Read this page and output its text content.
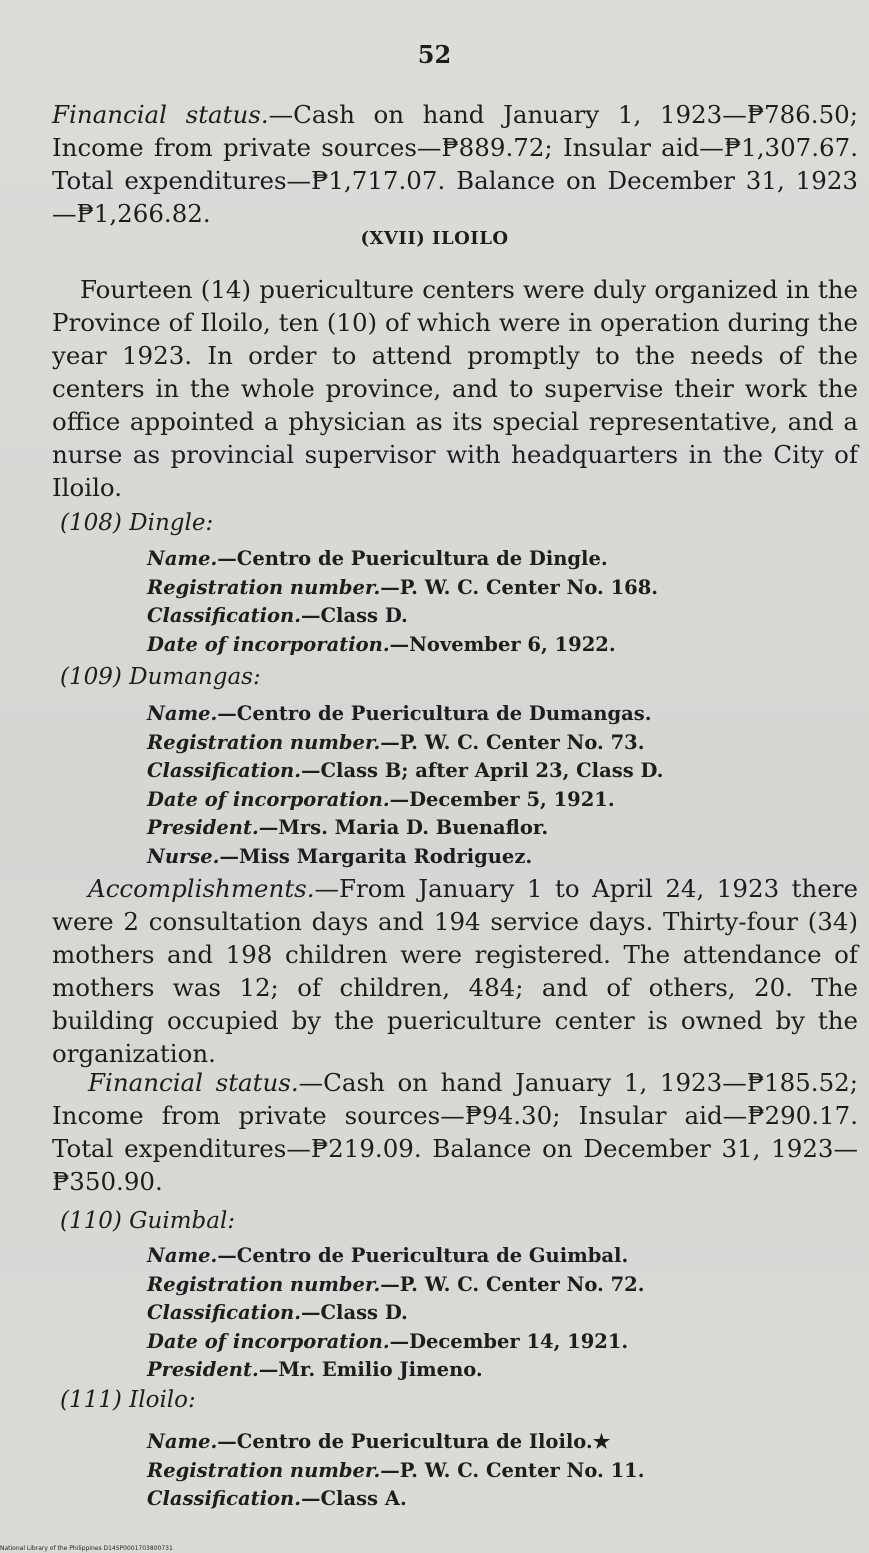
52
Financial status.—Cash on hand January 1, 1923—₱786.50; Income from private sources—₱889.72; Insular aid—₱1,307.67. Total expenditures—₱1,717.07. Balance on December 31, 1923—₱1,266.82.
(XVII) ILOILO
Fourteen (14) puericulture centers were duly organized in the Province of Iloilo, ten (10) of which were in operation during the year 1923. In order to attend promptly to the needs of the centers in the whole province, and to supervise their work the office appointed a physician as its special representative, and a nurse as provincial supervisor with headquarters in the City of Iloilo.
(108) Dingle:
Name.—Centro de Puericultura de Dingle.
Registration number.—P. W. C. Center No. 168.
Classification.—Class D.
Date of incorporation.—November 6, 1922.
(109) Dumangas:
Name.—Centro de Puericultura de Dumangas.
Registration number.—P. W. C. Center No. 73.
Classification.—Class B; after April 23, Class D.
Date of incorporation.—December 5, 1921.
President.—Mrs. Maria D. Buenaflor.
Nurse.—Miss Margarita Rodriguez.
Accomplishments.—From January 1 to April 24, 1923 there were 2 consultation days and 194 service days. Thirty-four (34) mothers and 198 children were registered. The attendance of mothers was 12; of children, 484; and of others, 20. The building occupied by the puericulture center is owned by the organization.
Financial status.—Cash on hand January 1, 1923—₱185.52; Income from private sources—₱94.30; Insular aid—₱290.17. Total expenditures—₱219.09. Balance on December 31, 1923—₱350.90.
(110) Guimbal:
Name.—Centro de Puericultura de Guimbal.
Registration number.—P. W. C. Center No. 72.
Classification.—Class D.
Date of incorporation.—December 14, 1921.
President.—Mr. Emilio Jimeno.
(111) Iloilo:
Name.—Centro de Puericultura de Iloilo.★
Registration number.—P. W. C. Center No. 11.
Classification.—Class A.
National Library of the Philippines D14SP0001703800731
